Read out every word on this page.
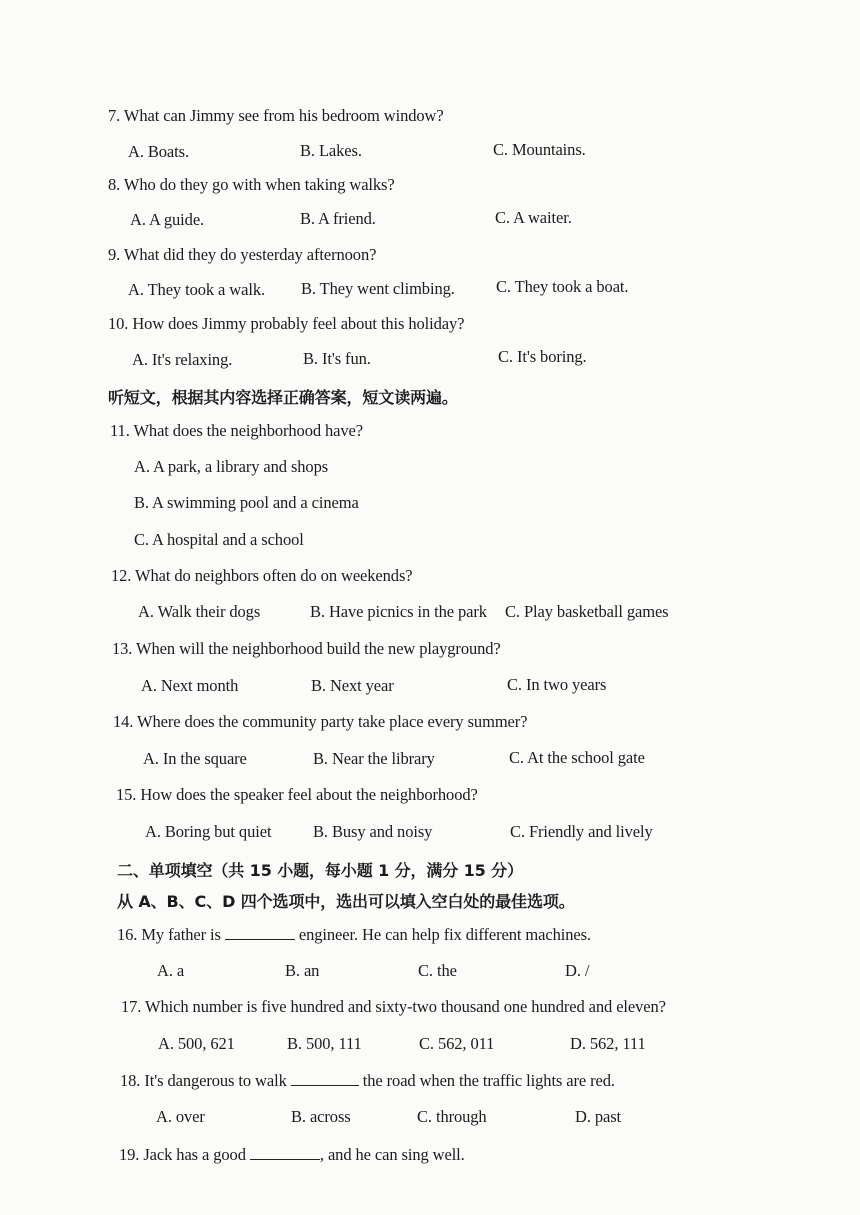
7. What can Jimmy see from his bedroom window?
A. Boats.	B. Lakes.	C. Mountains.
8. Who do they go with when taking walks?
A. A guide.	B. A friend.	C. A waiter.
9. What did they do yesterday afternoon?
A. They took a walk. B. They went climbing. C. They took a boat.
10. How does Jimmy probably feel about this holiday?
A. It's relaxing.	B. It's fun.	C. It's boring.
听短文，根据其内容选择正确答案，短文读两遍。
11. What does the neighborhood have?
A. A park, a library and shops
B. A swimming pool and a cinema
C. A hospital and a school
12. What do neighbors often do on weekends?
A. Walk their dogs	B. Have picnics in the park C. Play basketball games
13. When will the neighborhood build the new playground?
A. Next month	B. Next year	C. In two years
14. Where does the community party take place every summer?
A. In the square	B. Near the library	C. At the school gate
15. How does the speaker feel about the neighborhood?
A. Boring but quiet	B. Busy and noisy	C. Friendly and lively
二、单项填空（共 15 小题，每小题 1 分，满分 15 分）
从 A、B、C、D 四个选项中，选出可以填入空白处的最佳选项。
16. My father is	engineer. He can help fix different machines.
A. a	B. an	C. the	D. /
17. Which number is five hundred and sixty-two thousand one hundred and eleven?
A. 500, 621	B. 500, 111	C. 562, 011	D. 562, 111
18. It's dangerous to walk	the road when the traffic lights are red.
A. over	B. across	C. through	D. past
19. Jack has a good	, and he can sing well.
